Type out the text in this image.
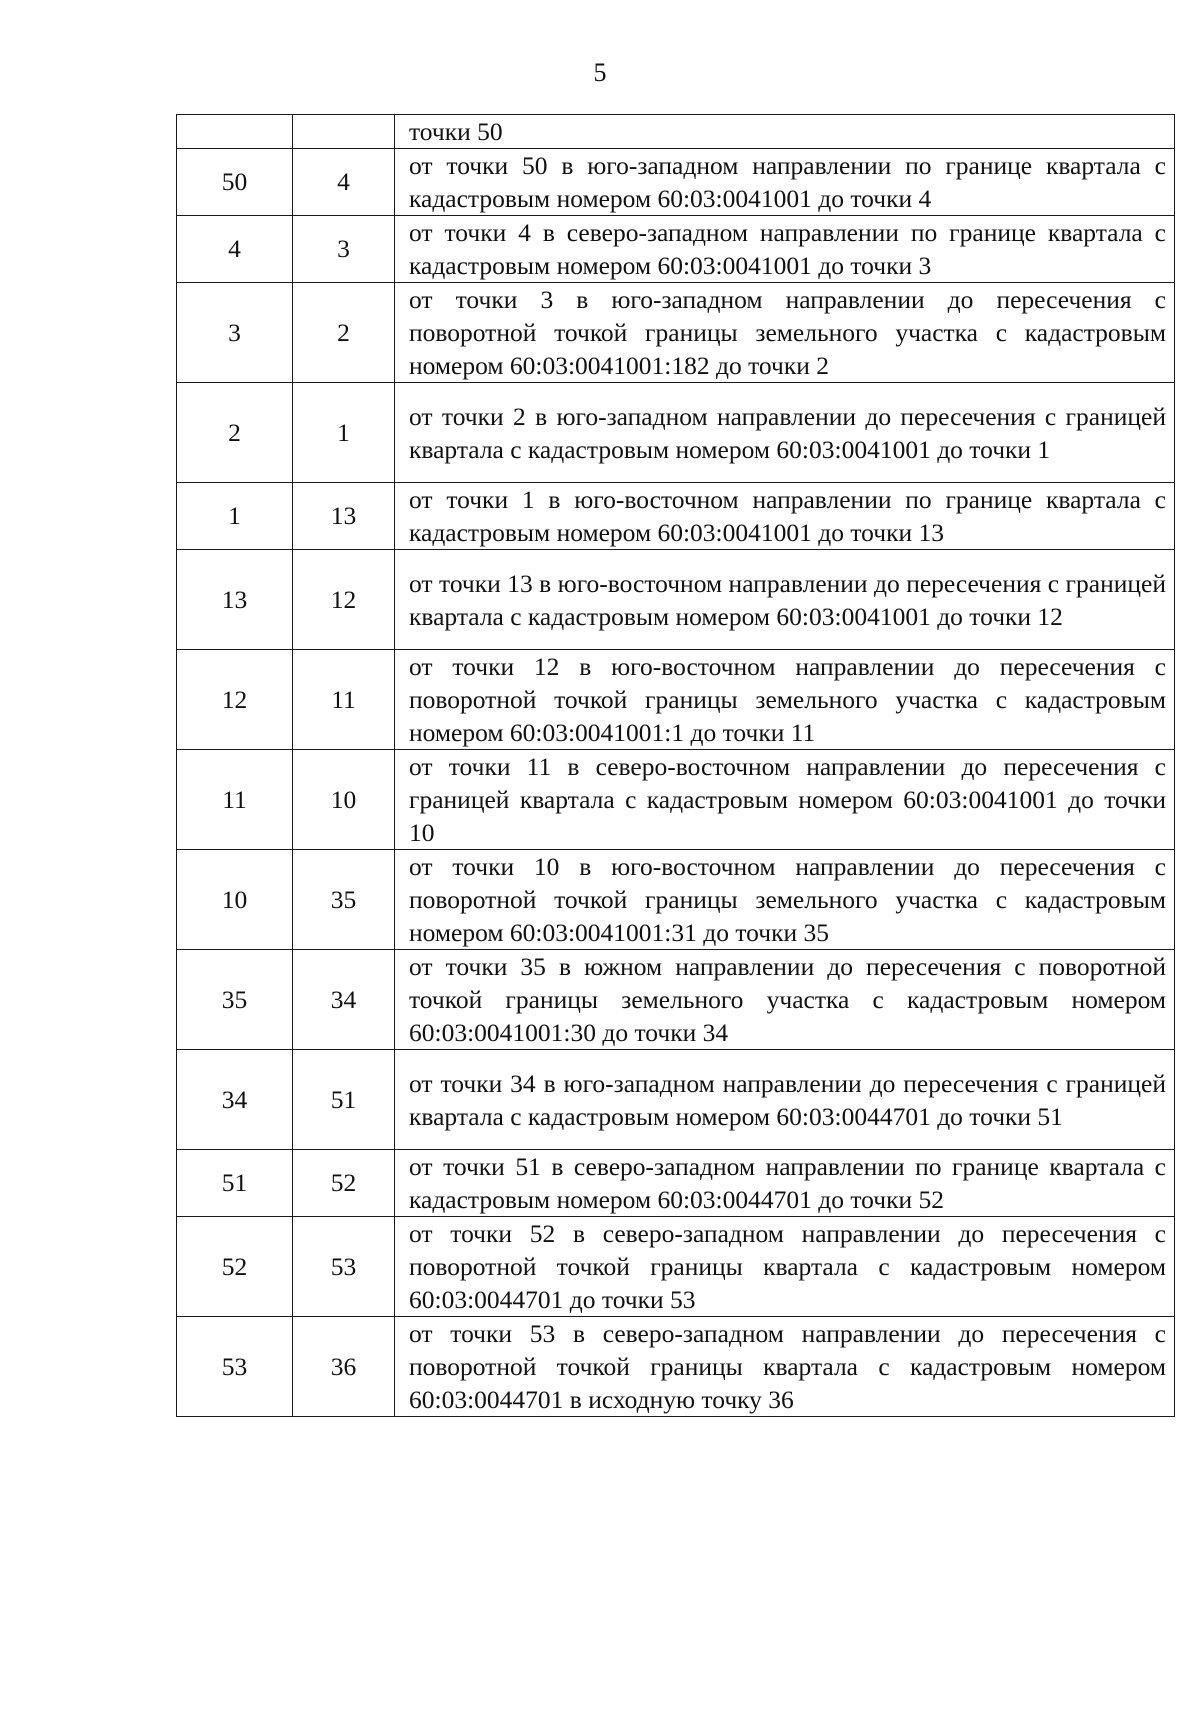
5
		точки 50
50	4	от точки 50 в юго-западном направлении по границе квартала с кадастровым номером 60:03:0041001 до точки 4
4	3	от точки 4 в северо-западном направлении по границе квартала с кадастровым номером 60:03:0041001 до точки 3
3	2	от точки 3 в юго-западном направлении до пересечения с поворотной точкой границы земельного участка с кадастровым номером 60:03:0041001:182 до точки 2
2	1	от точки 2 в юго-западном направлении до пересечения с границей квартала с кадастровым номером 60:03:0041001 до точки 1
1	13	от точки 1 в юго-восточном направлении по границе квартала с кадастровым номером 60:03:0041001 до точки 13
13	12	от точки 13 в юго-восточном направлении до пересечения с границей квартала с кадастровым номером 60:03:0041001 до точки 12
12	11	от точки 12 в юго-восточном направлении до пересечения с поворотной точкой границы земельного участка с кадастровым номером 60:03:0041001:1 до точки 11
11	10	от точки 11 в северо-восточном направлении до пересечения с границей квартала с кадастровым номером 60:03:0041001 до точки 10
10	35	от точки 10 в юго-восточном направлении до пересечения с поворотной точкой границы земельного участка с кадастровым номером 60:03:0041001:31 до точки 35
35	34	от точки 35 в южном направлении до пересечения с поворотной точкой границы земельного участка с кадастровым номером 60:03:0041001:30 до точки 34
34	51	от точки 34 в юго-западном направлении до пересечения с границей квартала с кадастровым номером 60:03:0044701 до точки 51
51	52	от точки 51 в северо-западном направлении по границе квартала с кадастровым номером 60:03:0044701 до точки 52
52	53	от точки 52 в северо-западном направлении до пересечения с поворотной точкой границы квартала с кадастровым номером 60:03:0044701 до точки 53
53	36	от точки 53 в северо-западном направлении до пересечения с поворотной точкой границы квартала с кадастровым номером 60:03:0044701 в исходную точку 36
